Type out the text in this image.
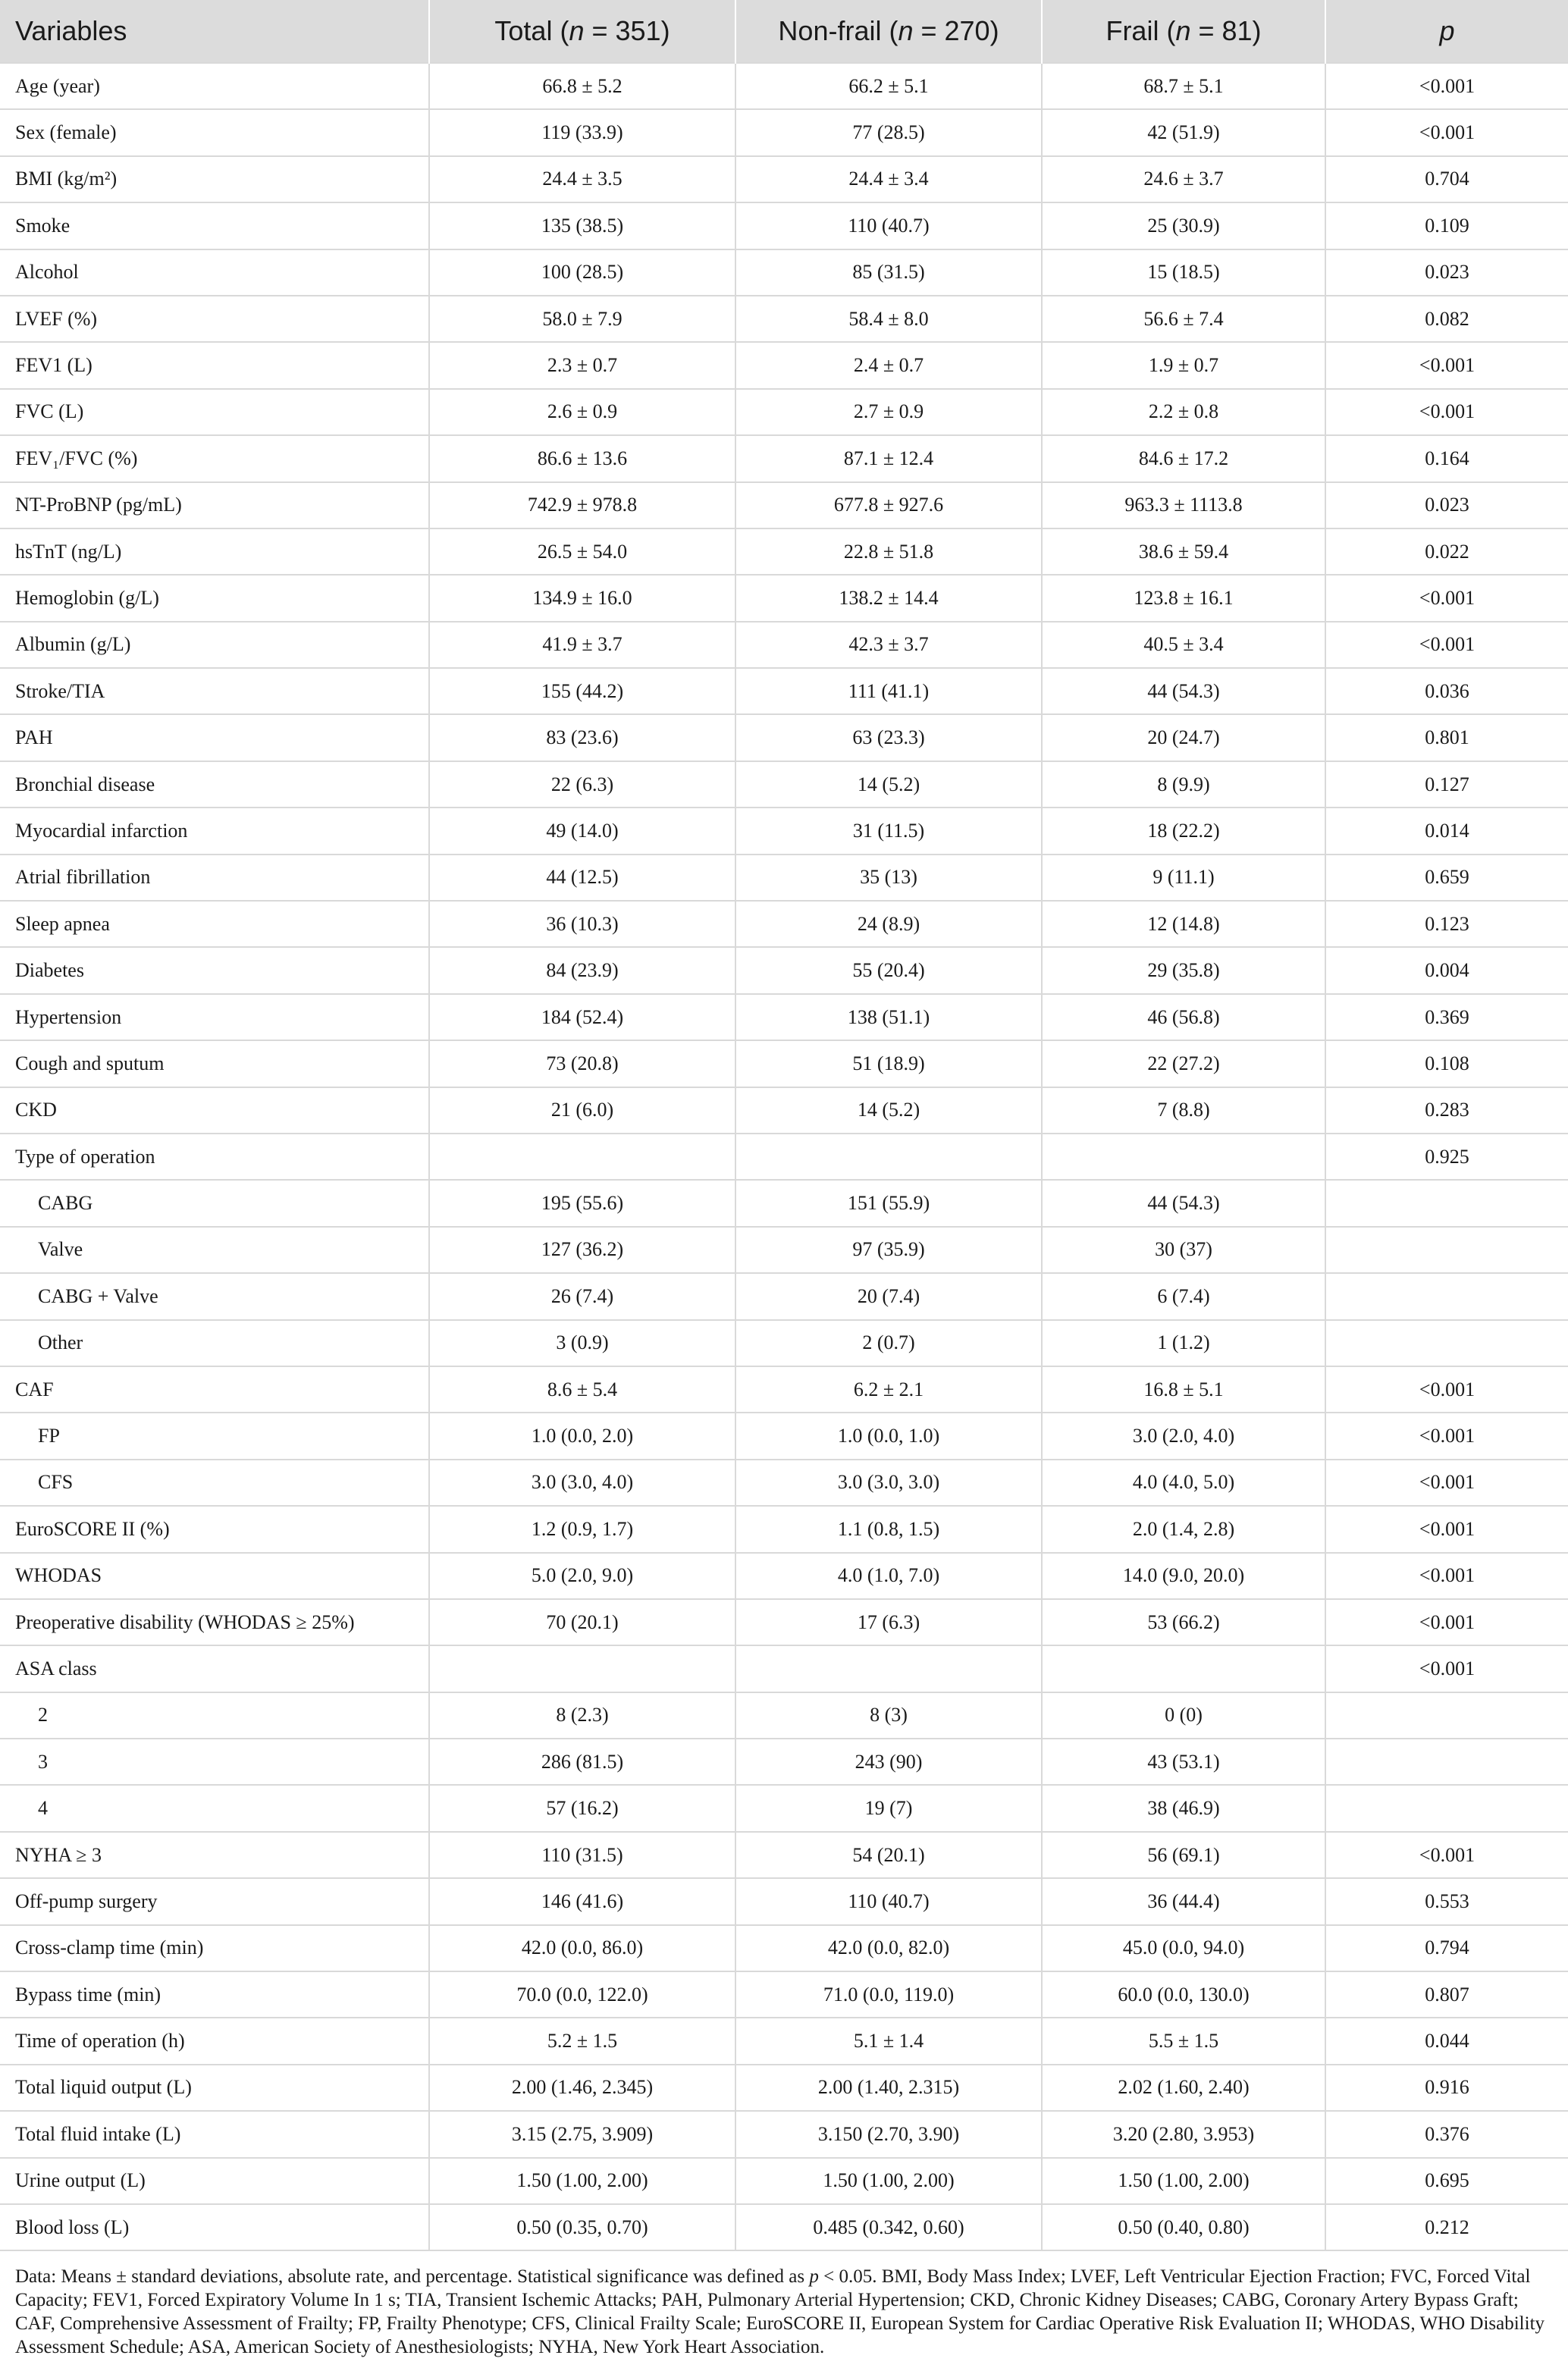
Variables	Total (n = 351)	Non-frail (n = 270)	Frail (n = 81)	p
Age (year)	66.8 ± 5.2	66.2 ± 5.1	68.7 ± 5.1	<0.001
Sex (female)	119 (33.9)	77 (28.5)	42 (51.9)	<0.001
BMI (kg/m²)	24.4 ± 3.5	24.4 ± 3.4	24.6 ± 3.7	0.704
Smoke	135 (38.5)	110 (40.7)	25 (30.9)	0.109
Alcohol	100 (28.5)	85 (31.5)	15 (18.5)	0.023
LVEF (%)	58.0 ± 7.9	58.4 ± 8.0	56.6 ± 7.4	0.082
FEV1 (L)	2.3 ± 0.7	2.4 ± 0.7	1.9 ± 0.7	<0.001
FVC (L)	2.6 ± 0.9	2.7 ± 0.9	2.2 ± 0.8	<0.001
FEV₁/FVC (%)	86.6 ± 13.6	87.1 ± 12.4	84.6 ± 17.2	0.164
NT-ProBNP (pg/mL)	742.9 ± 978.8	677.8 ± 927.6	963.3 ± 1113.8	0.023
hsTnT (ng/L)	26.5 ± 54.0	22.8 ± 51.8	38.6 ± 59.4	0.022
Hemoglobin (g/L)	134.9 ± 16.0	138.2 ± 14.4	123.8 ± 16.1	<0.001
Albumin (g/L)	41.9 ± 3.7	42.3 ± 3.7	40.5 ± 3.4	<0.001
Stroke/TIA	155 (44.2)	111 (41.1)	44 (54.3)	0.036
PAH	83 (23.6)	63 (23.3)	20 (24.7)	0.801
Bronchial disease	22 (6.3)	14 (5.2)	8 (9.9)	0.127
Myocardial infarction	49 (14.0)	31 (11.5)	18 (22.2)	0.014
Atrial fibrillation	44 (12.5)	35 (13)	9 (11.1)	0.659
Sleep apnea	36 (10.3)	24 (8.9)	12 (14.8)	0.123
Diabetes	84 (23.9)	55 (20.4)	29 (35.8)	0.004
Hypertension	184 (52.4)	138 (51.1)	46 (56.8)	0.369
Cough and sputum	73 (20.8)	51 (18.9)	22 (27.2)	0.108
CKD	21 (6.0)	14 (5.2)	7 (8.8)	0.283
Type of operation				0.925
CABG	195 (55.6)	151 (55.9)	44 (54.3)	
Valve	127 (36.2)	97 (35.9)	30 (37)	
CABG + Valve	26 (7.4)	20 (7.4)	6 (7.4)	
Other	3 (0.9)	2 (0.7)	1 (1.2)	
CAF	8.6 ± 5.4	6.2 ± 2.1	16.8 ± 5.1	<0.001
FP	1.0 (0.0, 2.0)	1.0 (0.0, 1.0)	3.0 (2.0, 4.0)	<0.001
CFS	3.0 (3.0, 4.0)	3.0 (3.0, 3.0)	4.0 (4.0, 5.0)	<0.001
EuroSCORE II (%)	1.2 (0.9, 1.7)	1.1 (0.8, 1.5)	2.0 (1.4, 2.8)	<0.001
WHODAS	5.0 (2.0, 9.0)	4.0 (1.0, 7.0)	14.0 (9.0, 20.0)	<0.001
Preoperative disability (WHODAS ≥ 25%)	70 (20.1)	17 (6.3)	53 (66.2)	<0.001
ASA class				<0.001
2	8 (2.3)	8 (3)	0 (0)	
3	286 (81.5)	243 (90)	43 (53.1)	
4	57 (16.2)	19 (7)	38 (46.9)	
NYHA ≥ 3	110 (31.5)	54 (20.1)	56 (69.1)	<0.001
Off-pump surgery	146 (41.6)	110 (40.7)	36 (44.4)	0.553
Cross-clamp time (min)	42.0 (0.0, 86.0)	42.0 (0.0, 82.0)	45.0 (0.0, 94.0)	0.794
Bypass time (min)	70.0 (0.0, 122.0)	71.0 (0.0, 119.0)	60.0 (0.0, 130.0)	0.807
Time of operation (h)	5.2 ± 1.5	5.1 ± 1.4	5.5 ± 1.5	0.044
Total liquid output (L)	2.00 (1.46, 2.345)	2.00 (1.40, 2.315)	2.02 (1.60, 2.40)	0.916
Total fluid intake (L)	3.15 (2.75, 3.909)	3.150 (2.70, 3.90)	3.20 (2.80, 3.953)	0.376
Urine output (L)	1.50 (1.00, 2.00)	1.50 (1.00, 2.00)	1.50 (1.00, 2.00)	0.695
Blood loss (L)	0.50 (0.35, 0.70)	0.485 (0.342, 0.60)	0.50 (0.40, 0.80)	0.212
Data: Means ± standard deviations, absolute rate, and percentage. Statistical significance was defined as p < 0.05. BMI, Body Mass Index; LVEF, Left Ventricular Ejection Fraction; FVC, Forced Vital Capacity; FEV1, Forced Expiratory Volume In 1 s; TIA, Transient Ischemic Attacks; PAH, Pulmonary Arterial Hypertension; CKD, Chronic Kidney Diseases; CABG, Coronary Artery Bypass Graft; CAF, Comprehensive Assessment of Frailty; FP, Frailty Phenotype; CFS, Clinical Frailty Scale; EuroSCORE II, European System for Cardiac Operative Risk Evaluation II; WHODAS, WHO Disability Assessment Schedule; ASA, American Society of Anesthesiologists; NYHA, New York Heart Association.
